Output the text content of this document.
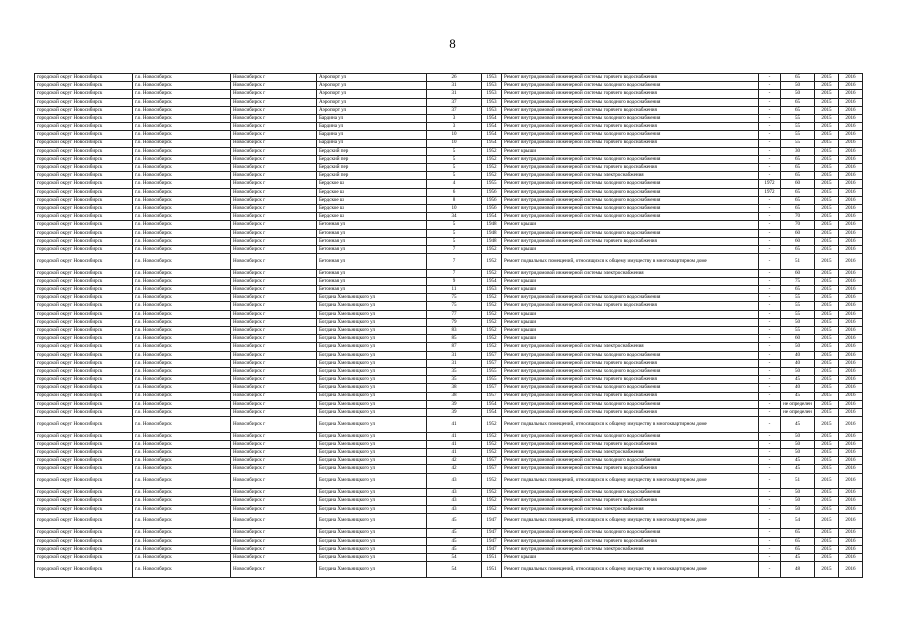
8
городской округ Новосибирск	г.о. Новосибирск	Новосибирск г	Аэропорт ул	26	1953	Ремонт внутридомовой инженерной системы горячего водоснабжения	-	65	2015	2016
городской округ Новосибирск	г.о. Новосибирск	Новосибирск г	Аэропорт ул	31	1953	Ремонт внутридомовой инженерной системы холодного водоснабжения	-	50	2015	2016
городской округ Новосибирск	г.о. Новосибирск	Новосибирск г	Аэропорт ул	31	1953	Ремонт внутридомовой инженерной системы горячего водоснабжения	-	50	2015	2016
городской округ Новосибирск	г.о. Новосибирск	Новосибирск г	Аэропорт ул	37	1953	Ремонт внутридомовой инженерной системы холодного водоснабжения	-	65	2015	2016
городской округ Новосибирск	г.о. Новосибирск	Новосибирск г	Аэропорт ул	37	1953	Ремонт внутридомовой инженерной системы горячего водоснабжения	-	65	2015	2016
городской округ Новосибирск	г.о. Новосибирск	Новосибирск г	Бардина ул	3	1954	Ремонт внутридомовой инженерной системы холодного водоснабжения	-	55	2015	2016
городской округ Новосибирск	г.о. Новосибирск	Новосибирск г	Бардина ул	3	1954	Ремонт внутридомовой инженерной системы горячего водоснабжения	-	55	2015	2016
городской округ Новосибирск	г.о. Новосибирск	Новосибирск г	Бардина ул	10	1954	Ремонт внутридомовой инженерной системы холодного водоснабжения	-	55	2015	2016
городской округ Новосибирск	г.о. Новосибирск	Новосибирск г	Бардина ул	10	1954	Ремонт внутридомовой инженерной системы горячего водоснабжения	-	55	2015	2016
городской округ Новосибирск	г.о. Новосибирск	Новосибирск г	Бердский пер	5	1952	Ремонт крыши	-	30	2015	2016
городской округ Новосибирск	г.о. Новосибирск	Новосибирск г	Бердский пер	5	1952	Ремонт внутридомовой инженерной системы холодного водоснабжения	-	65	2015	2016
городской округ Новосибирск	г.о. Новосибирск	Новосибирск г	Бердский пер	5	1952	Ремонт внутридомовой инженерной системы горячего водоснабжения	-	65	2015	2016
городской округ Новосибирск	г.о. Новосибирск	Новосибирск г	Бердский пер	5	1952	Ремонт внутридомовой инженерной системы электроснабжения	-	65	2015	2016
городской округ Новосибирск	г.о. Новосибирск	Новосибирск г	Бердское ш	4	1955	Ремонт внутридомовой инженерной системы холодного водоснабжения	1972	60	2015	2016
городской округ Новосибирск	г.о. Новосибирск	Новосибирск г	Бердское ш	6	1956	Ремонт внутридомовой инженерной системы холодного водоснабжения	1972	65	2015	2016
городской округ Новосибирск	г.о. Новосибирск	Новосибирск г	Бердское ш	8	1956	Ремонт внутридомовой инженерной системы холодного водоснабжения	-	65	2015	2016
городской округ Новосибирск	г.о. Новосибирск	Новосибирск г	Бердское ш	10	1956	Ремонт внутридомовой инженерной системы холодного водоснабжения	-	65	2015	2016
городской округ Новосибирск	г.о. Новосибирск	Новосибирск г	Бердское ш	34	1954	Ремонт внутридомовой инженерной системы холодного водоснабжения	-	70	2015	2016
городской округ Новосибирск	г.о. Новосибирск	Новосибирск г	Бетонная ул	5	1948	Ремонт крыши	-	70	2015	2016
городской округ Новосибирск	г.о. Новосибирск	Новосибирск г	Бетонная ул	5	1948	Ремонт внутридомовой инженерной системы холодного водоснабжения	-	60	2015	2016
городской округ Новосибирск	г.о. Новосибирск	Новосибирск г	Бетонная ул	5	1948	Ремонт внутридомовой инженерной системы горячего водоснабжения	-	60	2015	2016
городской округ Новосибирск	г.о. Новосибирск	Новосибирск г	Бетонная ул	7	1952	Ремонт крыши	-	65	2015	2016
городской округ Новосибирск	г.о. Новосибирск	Новосибирск г	Бетонная ул	7	1952	Ремонт подвальных помещений, относящихся к общему имуществу в многоквартирном доме	-	51	2015	2016
городской округ Новосибирск	г.о. Новосибирск	Новосибирск г	Бетонная ул	7	1952	Ремонт внутридомовой инженерной системы электроснабжения	-	60	2015	2016
городской округ Новосибирск	г.о. Новосибирск	Новосибирск г	Бетонная ул	9	1954	Ремонт крыши	-	75	2015	2016
городской округ Новосибирск	г.о. Новосибирск	Новосибирск г	Бетонная ул	11	1953	Ремонт крыши	-	65	2015	2016
городской округ Новосибирск	г.о. Новосибирск	Новосибирск г	Богдана Хмельницкого ул	75	1952	Ремонт внутридомовой инженерной системы холодного водоснабжения	-	55	2015	2016
городской округ Новосибирск	г.о. Новосибирск	Новосибирск г	Богдана Хмельницкого ул	75	1952	Ремонт внутридомовой инженерной системы горячего водоснабжения	-	55	2015	2016
городской округ Новосибирск	г.о. Новосибирск	Новосибирск г	Богдана Хмельницкого ул	77	1952	Ремонт крыши	-	55	2015	2016
городской округ Новосибирск	г.о. Новосибирск	Новосибирск г	Богдана Хмельницкого ул	79	1952	Ремонт крыши	-	50	2015	2016
городской округ Новосибирск	г.о. Новосибирск	Новосибирск г	Богдана Хмельницкого ул	83	1952	Ремонт крыши	-	55	2015	2016
городской округ Новосибирск	г.о. Новосибирск	Новосибирск г	Богдана Хмельницкого ул	85	1952	Ремонт крыши	-	60	2015	2016
городской округ Новосибирск	г.о. Новосибирск	Новосибирск г	Богдана Хмельницкого ул	87	1952	Ремонт внутридомовой инженерной системы электроснабжения	-	50	2015	2016
городской округ Новосибирск	г.о. Новосибирск	Новосибирск г	Богдана Хмельницкого ул	31	1957	Ремонт внутридомовой инженерной системы холодного водоснабжения	-	40	2015	2016
городской округ Новосибирск	г.о. Новосибирск	Новосибирск г	Богдана Хмельницкого ул	31	1957	Ремонт внутридомовой инженерной системы горячего водоснабжения	-	40	2015	2016
городской округ Новосибирск	г.о. Новосибирск	Новосибирск г	Богдана Хмельницкого ул	35	1955	Ремонт внутридомовой инженерной системы холодного водоснабжения	-	50	2015	2016
городской округ Новосибирск	г.о. Новосибирск	Новосибирск г	Богдана Хмельницкого ул	35	1955	Ремонт внутридомовой инженерной системы горячего водоснабжения	-	45	2015	2016
городской округ Новосибирск	г.о. Новосибирск	Новосибирск г	Богдана Хмельницкого ул	38	1957	Ремонт внутридомовой инженерной системы холодного водоснабжения	-	40	2015	2016
городской округ Новосибирск	г.о. Новосибирск	Новосибирск г	Богдана Хмельницкого ул	38	1957	Ремонт внутридомовой инженерной системы горячего водоснабжения	-	45	2015	2016
городской округ Новосибирск	г.о. Новосибирск	Новосибирск г	Богдана Хмельницкого ул	39	1954	Ремонт внутридомовой инженерной системы холодного водоснабжения	-	не определен	2015	2016
городской округ Новосибирск	г.о. Новосибирск	Новосибирск г	Богдана Хмельницкого ул	39	1954	Ремонт внутридомовой инженерной системы горячего водоснабжения	-	не определен	2015	2016
городской округ Новосибирск	г.о. Новосибирск	Новосибирск г	Богдана Хмельницкого ул	41	1952	Ремонт подвальных помещений, относящихся к общему имуществу в многоквартирном доме	-	45	2015	2016
городской округ Новосибирск	г.о. Новосибирск	Новосибирск г	Богдана Хмельницкого ул	41	1952	Ремонт внутридомовой инженерной системы холодного водоснабжения	-	50	2015	2016
городской округ Новосибирск	г.о. Новосибирск	Новосибирск г	Богдана Хмельницкого ул	41	1952	Ремонт внутридомовой инженерной системы горячего водоснабжения	-	50	2015	2016
городской округ Новосибирск	г.о. Новосибирск	Новосибирск г	Богдана Хмельницкого ул	41	1952	Ремонт внутридомовой инженерной системы электроснабжения	-	50	2015	2016
городской округ Новосибирск	г.о. Новосибирск	Новосибирск г	Богдана Хмельницкого ул	42	1957	Ремонт внутридомовой инженерной системы холодного водоснабжения	-	45	2015	2016
городской округ Новосибирск	г.о. Новосибирск	Новосибирск г	Богдана Хмельницкого ул	42	1957	Ремонт внутридомовой инженерной системы горячего водоснабжения	-	45	2015	2016
городской округ Новосибирск	г.о. Новосибирск	Новосибирск г	Богдана Хмельницкого ул	43	1952	Ремонт подвальных помещений, относящихся к общему имуществу в многоквартирном доме	-	51	2015	2016
городской округ Новосибирск	г.о. Новосибирск	Новосибирск г	Богдана Хмельницкого ул	43	1952	Ремонт внутридомовой инженерной системы холодного водоснабжения	-	50	2015	2016
городской округ Новосибирск	г.о. Новосибирск	Новосибирск г	Богдана Хмельницкого ул	43	1952	Ремонт внутридомовой инженерной системы горячего водоснабжения	-	50	2015	2016
городской округ Новосибирск	г.о. Новосибирск	Новосибирск г	Богдана Хмельницкого ул	43	1952	Ремонт внутридомовой инженерной системы электроснабжения	-	50	2015	2016
городской округ Новосибирск	г.о. Новосибирск	Новосибирск г	Богдана Хмельницкого ул	45	1947	Ремонт подвальных помещений, относящихся к общему имуществу в многоквартирном доме	-	54	2015	2016
городской округ Новосибирск	г.о. Новосибирск	Новосибирск г	Богдана Хмельницкого ул	45	1947	Ремонт внутридомовой инженерной системы холодного водоснабжения	-	65	2015	2016
городской округ Новосибирск	г.о. Новосибирск	Новосибирск г	Богдана Хмельницкого ул	45	1947	Ремонт внутридомовой инженерной системы горячего водоснабжения	-	65	2015	2016
городской округ Новосибирск	г.о. Новосибирск	Новосибирск г	Богдана Хмельницкого ул	45	1947	Ремонт внутридомовой инженерной системы электроснабжения	-	65	2015	2016
городской округ Новосибирск	г.о. Новосибирск	Новосибирск г	Богдана Хмельницкого ул	54	1951	Ремонт крыши	-	45	2015	2016
городской округ Новосибирск	г.о. Новосибирск	Новосибирск г	Богдана Хмельницкого ул	54	1951	Ремонт подвальных помещений, относящихся к общему имуществу в многоквартирном доме	-	48	2015	2016
